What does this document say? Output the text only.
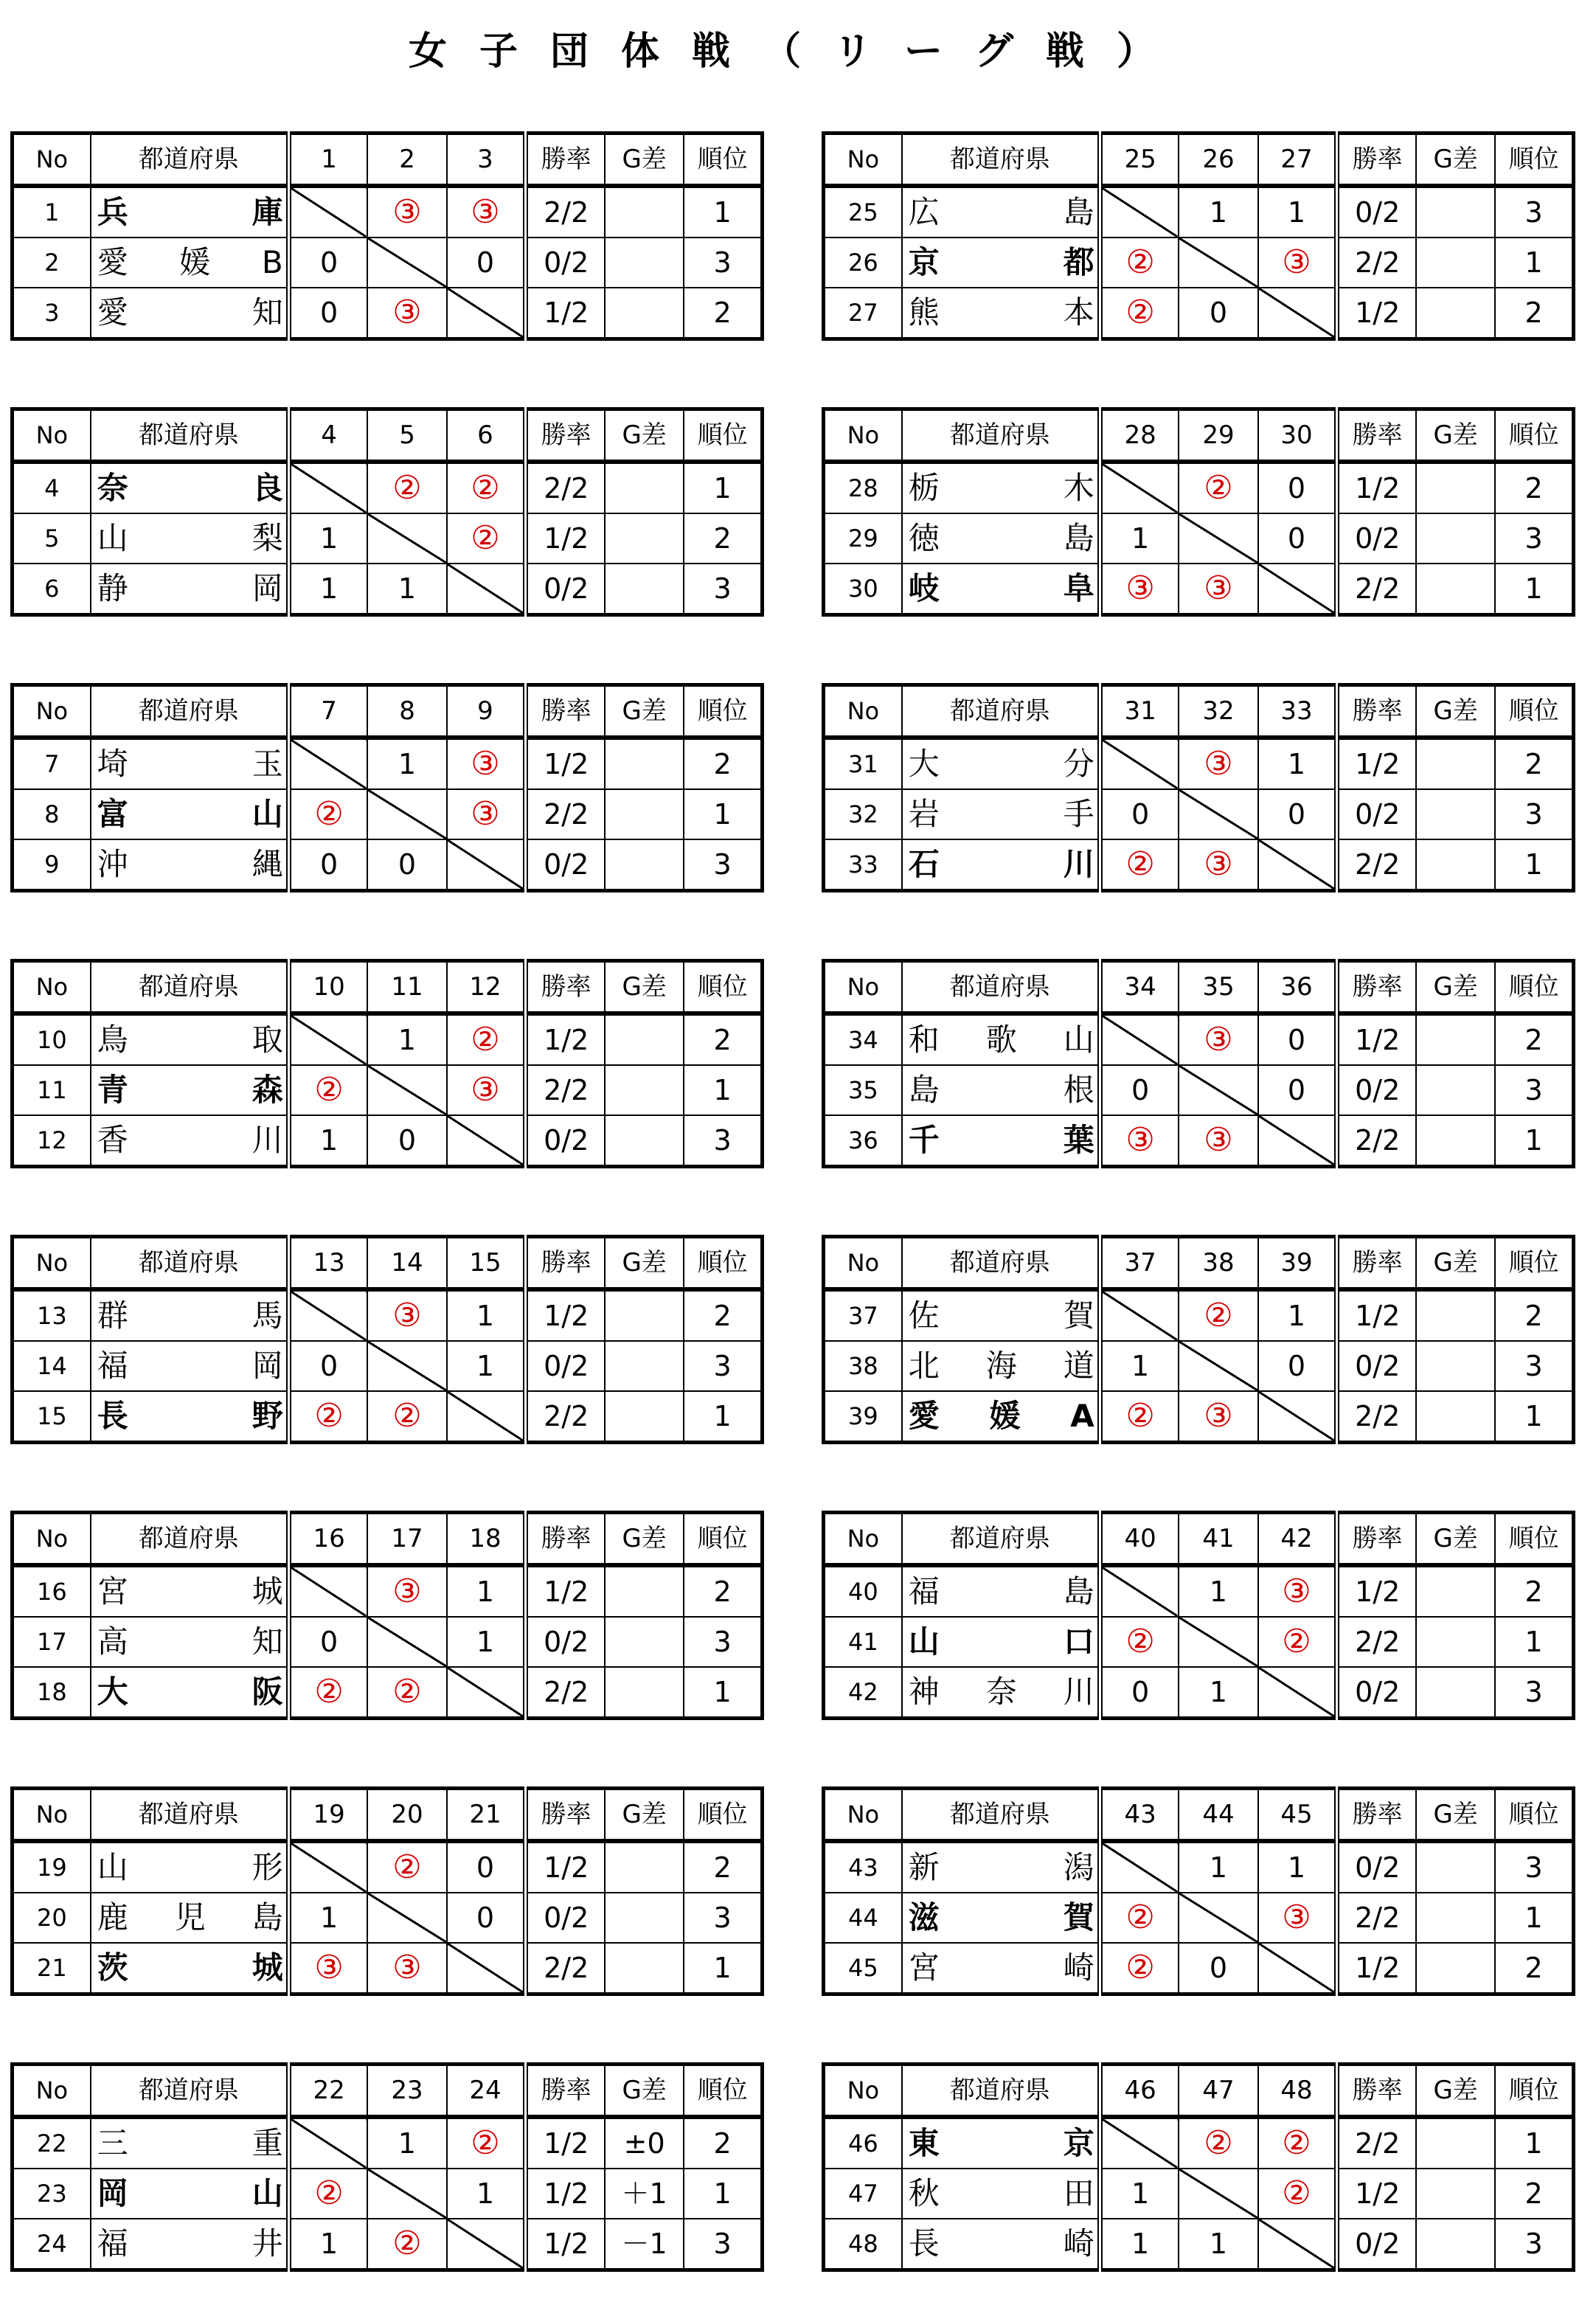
女子団体戦（リーグ戦）
No	都道府県	1	2	3	勝率	G差	順位
1	兵 庫		③	③	2/2		1
2	愛 媛 B	0		0	0/2		3
3	愛 知	0	③		1/2		2
No	都道府県	25	26	27	勝率	G差	順位
25	広 島		1	1	0/2		3
26	京 都	②		③	2/2		1
27	熊 本	②	0		1/2		2
No	都道府県	4	5	6	勝率	G差	順位
4	奈 良		②	②	2/2		1
5	山 梨	1		②	1/2		2
6	静 岡	1	1		0/2		3
No	都道府県	28	29	30	勝率	G差	順位
28	栃 木		②	0	1/2		2
29	徳 島	1		0	0/2		3
30	岐 阜	③	③		2/2		1
No	都道府県	7	8	9	勝率	G差	順位
7	埼 玉		1	③	1/2		2
8	富 山	②		③	2/2		1
9	沖 縄	0	0		0/2		3
No	都道府県	31	32	33	勝率	G差	順位
31	大 分		③	1	1/2		2
32	岩 手	0		0	0/2		3
33	石 川	②	③		2/2		1
No	都道府県	10	11	12	勝率	G差	順位
10	鳥 取		1	②	1/2		2
11	青 森	②		③	2/2		1
12	香 川	1	0		0/2		3
No	都道府県	34	35	36	勝率	G差	順位
34	和 歌 山		③	0	1/2		2
35	島 根	0		0	0/2		3
36	千 葉	③	③		2/2		1
No	都道府県	13	14	15	勝率	G差	順位
13	群 馬		③	1	1/2		2
14	福 岡	0		1	0/2		3
15	長 野	②	②		2/2		1
No	都道府県	37	38	39	勝率	G差	順位
37	佐 賀		②	1	1/2		2
38	北 海 道	1		0	0/2		3
39	愛 媛 A	②	③		2/2		1
No	都道府県	16	17	18	勝率	G差	順位
16	宮 城		③	1	1/2		2
17	高 知	0		1	0/2		3
18	大 阪	②	②		2/2		1
No	都道府県	40	41	42	勝率	G差	順位
40	福 島		1	③	1/2		2
41	山 口	②		②	2/2		1
42	神 奈 川	0	1		0/2		3
No	都道府県	19	20	21	勝率	G差	順位
19	山 形		②	0	1/2		2
20	鹿 児 島	1		0	0/2		3
21	茨 城	③	③		2/2		1
No	都道府県	43	44	45	勝率	G差	順位
43	新 潟		1	1	0/2		3
44	滋 賀	②		③	2/2		1
45	宮 崎	②	0		1/2		2
No	都道府県	22	23	24	勝率	G差	順位
22	三 重		1	②	1/2	±0	2
23	岡 山	②		1	1/2	＋1	1
24	福 井	1	②		1/2	－1	3
No	都道府県	46	47	48	勝率	G差	順位
46	東 京		②	②	2/2		1
47	秋 田	1		②	1/2		2
48	長 崎	1	1		0/2		3
